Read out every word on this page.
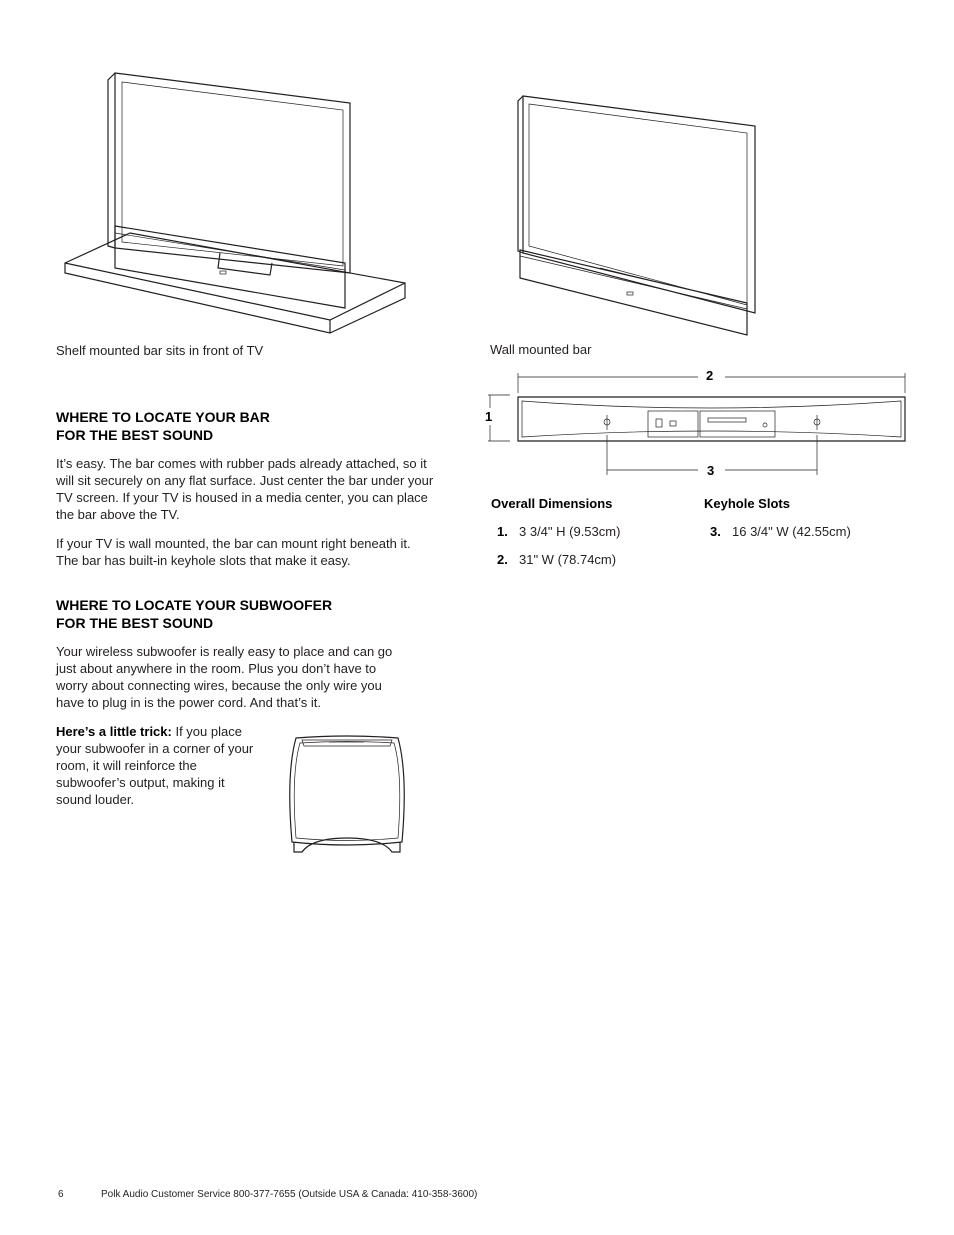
Shelf mounted bar sits in front of TV	Wall mounted bar
2
1
3
Overall Dimensions
1. 3 3/4" H (9.53cm)
2. 31" W (78.74cm)
Keyhole Slots
3. 16 3/4" W (42.55cm)
WHERE TO LOCATE YOUR BAR
FOR THE BEST SOUND
It’s easy. The bar comes with rubber pads already attached, so it will sit securely on any flat surface. Just center the bar under your TV screen. If your TV is housed in a media center, you can place the bar above the TV.
If your TV is wall mounted, the bar can mount right beneath it. The bar has built-in keyhole slots that make it easy.
WHERE TO LOCATE YOUR SUBWOOFER
FOR THE BEST SOUND
Your wireless subwoofer is really easy to place and can go just about anywhere in the room. Plus you don’t have to worry about connecting wires, because the only wire you have to plug in is the power cord. And that’s it.
Here’s a little trick: If you place your subwoofer in a corner of your room, it will reinforce the subwoofer’s output, making it sound louder.
6	Polk Audio Customer Service 800-377-7655 (Outside USA & Canada: 410-358-3600)
